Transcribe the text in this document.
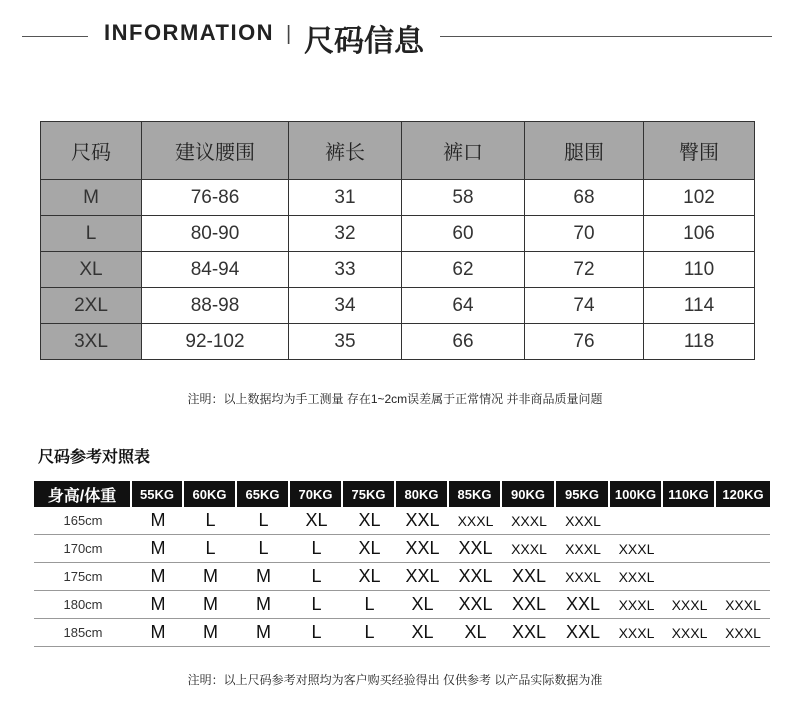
INFORMATION | 尺码信息
尺码	建议腰围	裤长	裤口	腿围	臀围
M	76-86	31	58	68	102
L	80-90	32	60	70	106
XL	84-94	33	62	72	110
2XL	88-98	34	64	74	114
3XL	92-102	35	66	76	118
注明：以上数据均为手工测量 存在1~2cm误差属于正常情况 并非商品质量问题
尺码参考对照表
身高/体重	55KG	60KG	65KG	70KG	75KG	80KG	85KG	90KG	95KG	100KG	110KG	120KG
165cm	M	L	L	XL	XL	XXL	XXXL	XXXL	XXXL			
170cm	M	L	L	L	XL	XXL	XXL	XXXL	XXXL	XXXL		
175cm	M	M	M	L	XL	XXL	XXL	XXL	XXXL	XXXL		
180cm	M	M	M	L	L	XL	XXL	XXL	XXL	XXXL	XXXL	XXXL
185cm	M	M	M	L	L	XL	XL	XXL	XXL	XXXL	XXXL	XXXL
注明：以上尺码参考对照均为客户购买经验得出 仅供参考 以产品实际数据为准
